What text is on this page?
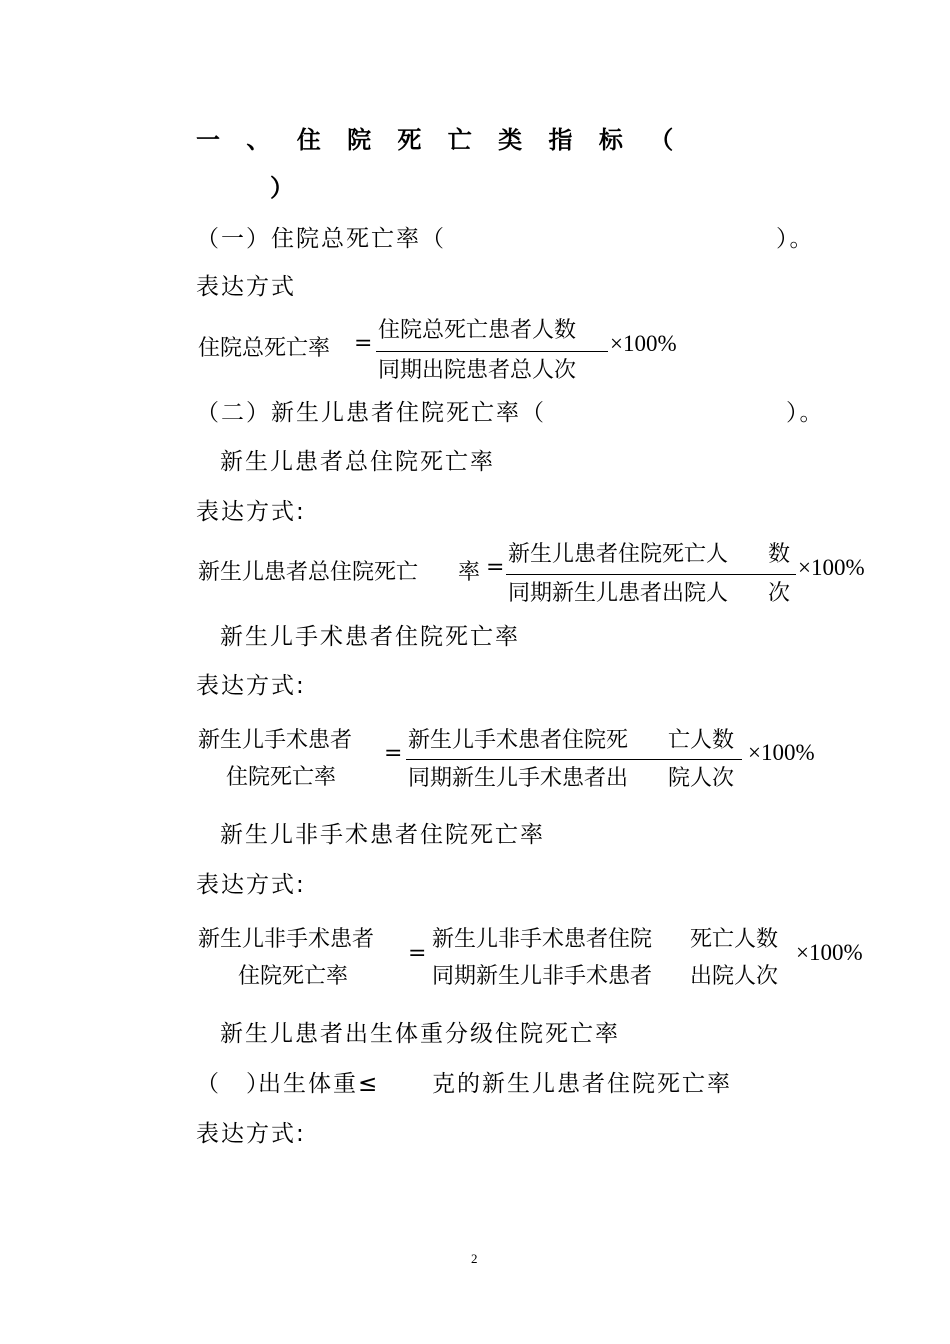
一 、 住 院 死 亡 类 指 标 （
）
（一）住院总死亡率（	）。
表达方式
住院总死亡率 =
住院总死亡患者人数
同期出院患者总人次
×100%
（二）新生儿患者住院死亡率（	）。
新生儿患者总住院死亡率
表达方式:
新生儿患者总住院死亡 率 =
新生儿患者住院死亡人 数
同期新生儿患者出院人 次
×100%
新生儿手术患者住院死亡率
表达方式:
新生儿手术患者
住院死亡率
=
新生儿手术患者住院死 亡人数
同期新生儿手术患者出 院人次
×100%
新生儿非手术患者住院死亡率
表达方式:
新生儿非手术患者
住院死亡率
=
新生儿非手术患者住院 死亡人数
同期新生儿非手术患者 出院人次
×100%
新生儿患者出生体重分级住院死亡率
（　）
出生体重≤ 克的新生儿患者住院死亡率
表达方式:
2
